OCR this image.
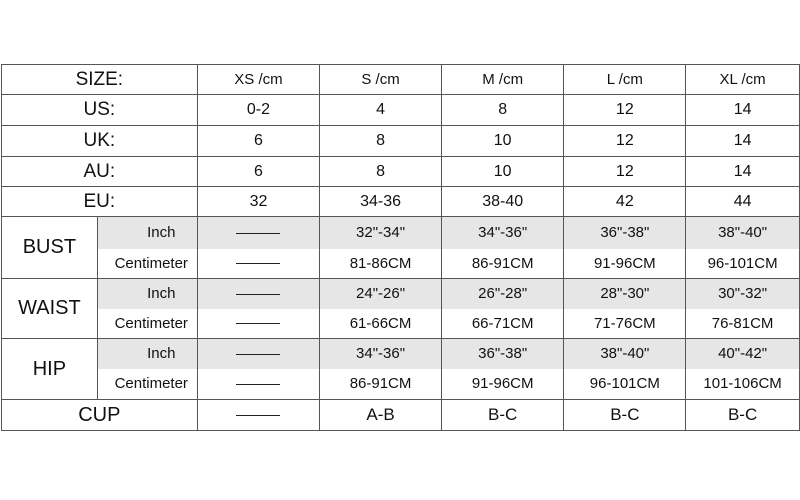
SIZE:		XS /cm	S /cm	M /cm	L /cm	XL /cm
US:		0-2	4	8	12	14
UK:		6	8	10	12	14
AU:		6	8	10	12	14
EU:		32	34-36	38-40	42	44
BUST	Inch		32"-34"	34"-36"	36"-38"	38"-40"
	Centimeter		81-86CM	86-91CM	91-96CM	96-101CM
WAIST	Inch		24"-26"	26"-28"	28"-30"	30"-32"
	Centimeter		61-66CM	66-71CM	71-76CM	76-81CM
HIP	Inch		34"-36"	36"-38"	38"-40"	40"-42"
	Centimeter		86-91CM	91-96CM	96-101CM	101-106CM
CUP			A-B	B-C	B-C	B-C
